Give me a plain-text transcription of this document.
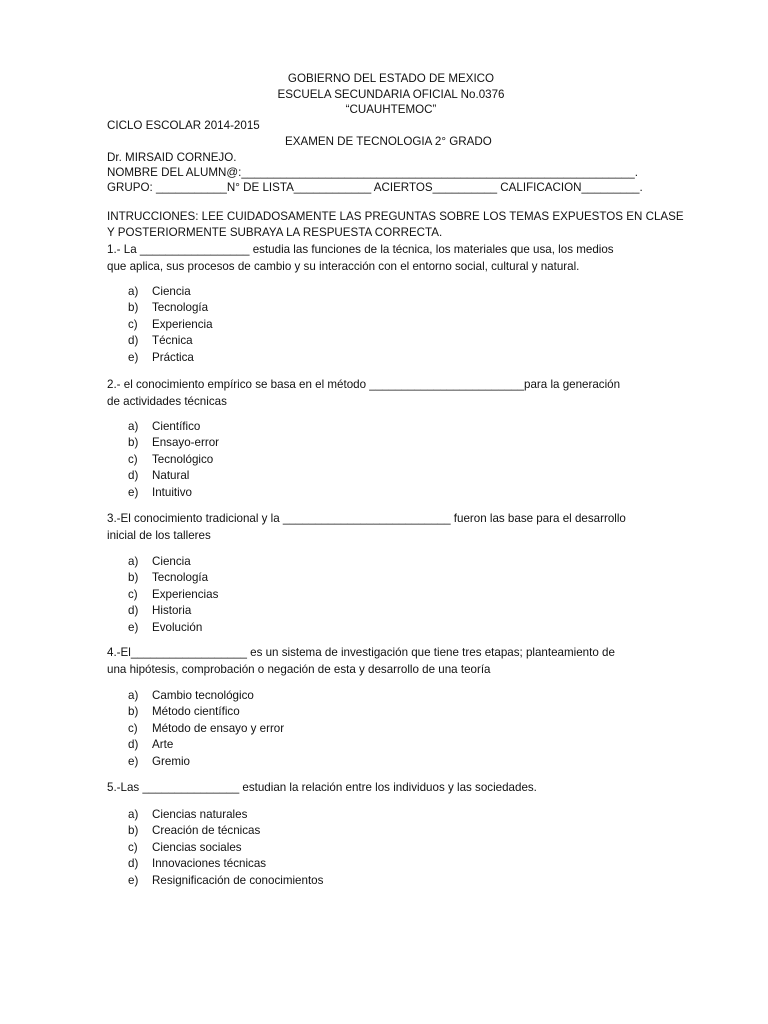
GOBIERNO DEL ESTADO DE MEXICO
ESCUELA SECUNDARIA OFICIAL No.0376
“CUAUHTEMOC”
CICLO ESCOLAR 2014-2015
EXAMEN DE TECNOLOGIA 2° GRADO
Dr. MIRSAID CORNEJO.
NOMBRE DEL ALUMN@:_____________________________________________________________.
GRUPO: ___________N° DE LISTA____________ ACIERTOS__________ CALIFICACION_________.
INTRUCCIONES: LEE CUIDADOSAMENTE LAS PREGUNTAS SOBRE LOS TEMAS EXPUESTOS EN CLASE
Y POSTERIORMENTE SUBRAYA LA RESPUESTA CORRECTA.
1.- La _________________ estudia las funciones de la técnica, los materiales que usa, los medios
que aplica, sus procesos de cambio y su interacción con el entorno social, cultural y natural.
a)	Ciencia
b)	Tecnología
c)	Experiencia
d)	Técnica
e)	Práctica
2.- el conocimiento empírico se basa en el método ________________________para la generación
de actividades técnicas
a)	Científico
b)	Ensayo-error
c)	Tecnológico
d)	Natural
e)	Intuitivo
3.-El conocimiento tradicional y la __________________________ fueron las base para el desarrollo
inicial de los talleres
a)	Ciencia
b)	Tecnología
c)	Experiencias
d)	Historia
e)	Evolución
4.-El__________________ es un sistema de investigación que tiene tres etapas; planteamiento de
una hipótesis, comprobación o negación de esta y desarrollo de una teoría
a)	Cambio tecnológico
b)	Método científico
c)	Método de ensayo y error
d)	Arte
e)	Gremio
5.-Las _______________ estudian la relación entre los individuos y las sociedades.
a)	Ciencias naturales
b)	Creación de técnicas
c)	Ciencias sociales
d)	Innovaciones técnicas
e)	Resignificación de conocimientos
